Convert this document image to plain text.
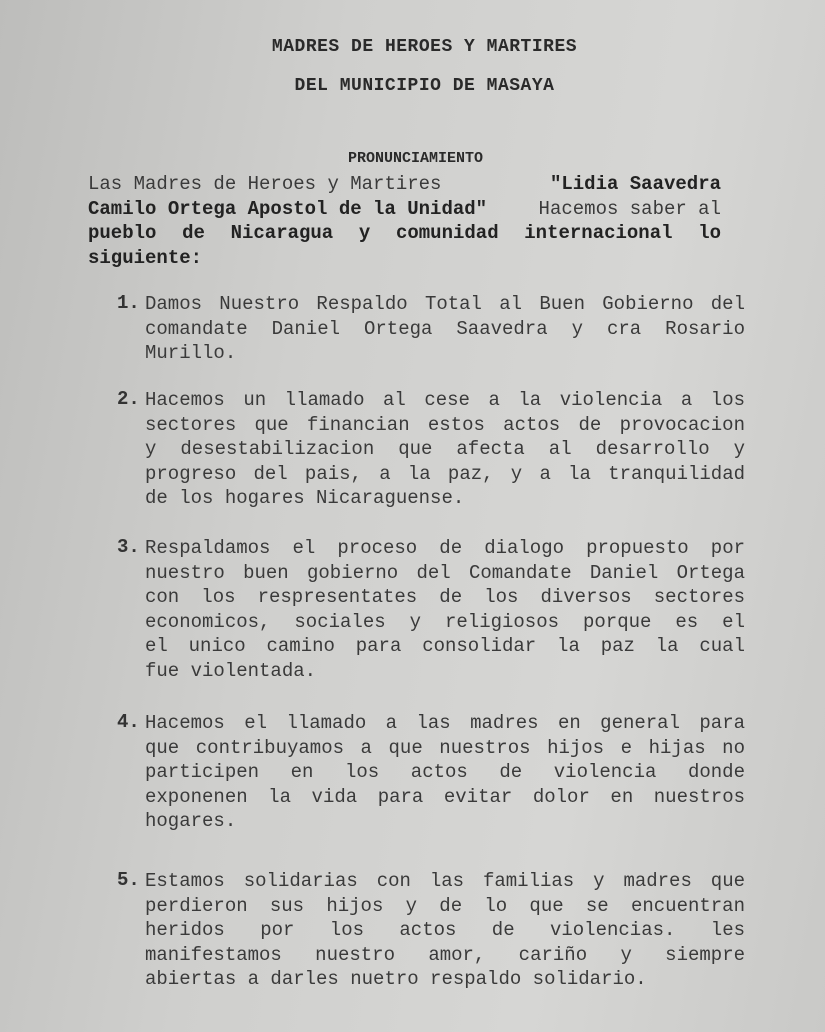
MADRES DE HEROES Y MARTIRES
DEL MUNICIPIO DE MASAYA
PRONUNCIAMIENTO
Las Madres de Heroes y Martires	"Lidia Saavedra
Camilo Ortega Apostol de la Unidad" Hacemos saber al
pueblo de Nicaragua y comunidad internacional lo
siguiente:
1. Damos Nuestro Respaldo Total al Buen Gobierno del
comandate Daniel Ortega Saavedra y cra Rosario
Murillo.
2. Hacemos un llamado al cese a la violencia a los
sectores que financian estos actos de provocacion
y desestabilizacion que afecta al desarrollo y
progreso del pais, a la paz, y a la tranquilidad
de los hogares Nicaraguense.
3. Respaldamos el proceso de dialogo propuesto por
nuestro buen gobierno del Comandate Daniel Ortega
con los respresentates de los diversos sectores
economicos, sociales y religiosos porque es el
el unico camino para consolidar la paz la cual
fue violentada.
4. Hacemos el llamado a las madres en general para
que contribuyamos a que nuestros hijos e hijas no
participen en los actos de violencia donde
exponenen la vida para evitar dolor en nuestros
hogares.
5. Estamos solidarias con las familias y madres que
perdieron sus hijos y de lo que se encuentran
heridos por los actos de violencias. les
manifestamos nuestro amor, cariño y siempre
abiertas a darles nuetro respaldo solidario.
